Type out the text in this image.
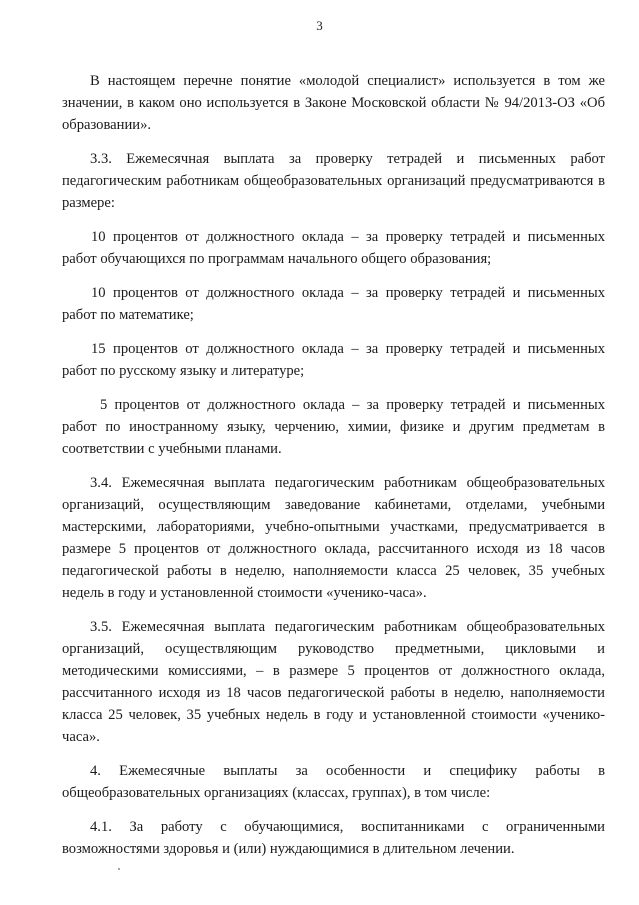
3

В настоящем перечне понятие «молодой специалист» используется в том же значении, в каком оно используется в Законе Московской области № 94/2013-ОЗ «Об образовании».

3.3. Ежемесячная выплата за проверку тетрадей и письменных работ педагогическим работникам общеобразовательных организаций предусматриваются в размере:

10 процентов от должностного оклада – за проверку тетрадей и письменных работ обучающихся по программам начального общего образования;

10 процентов от должностного оклада – за проверку тетрадей и письменных работ по математике;

15 процентов от должностного оклада – за проверку тетрадей и письменных работ по русскому языку и литературе;

5 процентов от должностного оклада – за проверку тетрадей и письменных работ по иностранному языку, черчению, химии, физике и другим предметам в соответствии с учебными планами.

3.4. Ежемесячная выплата педагогическим работникам общеобразовательных организаций, осуществляющим заведование кабинетами, отделами, учебными мастерскими, лабораториями, учебно-опытными участками, предусматривается в размере 5 процентов от должностного оклада, рассчитанного исходя из 18 часов педагогической работы в неделю, наполняемости класса 25 человек, 35 учебных недель в году и установленной стоимости «ученико-часа».

3.5. Ежемесячная выплата педагогическим работникам общеобразовательных организаций, осуществляющим руководство предметными, цикловыми и методическими комиссиями, – в размере 5 процентов от должностного оклада, рассчитанного исходя из 18 часов педагогической работы в неделю, наполняемости класса 25 человек, 35 учебных недель в году и установленной стоимости «ученико-часа».

4. Ежемесячные выплаты за особенности и специфику работы в общеобразовательных организациях (классах, группах), в том числе:

4.1. За работу с обучающимися, воспитанниками с ограниченными возможностями здоровья и (или) нуждающимися в длительном лечении.
